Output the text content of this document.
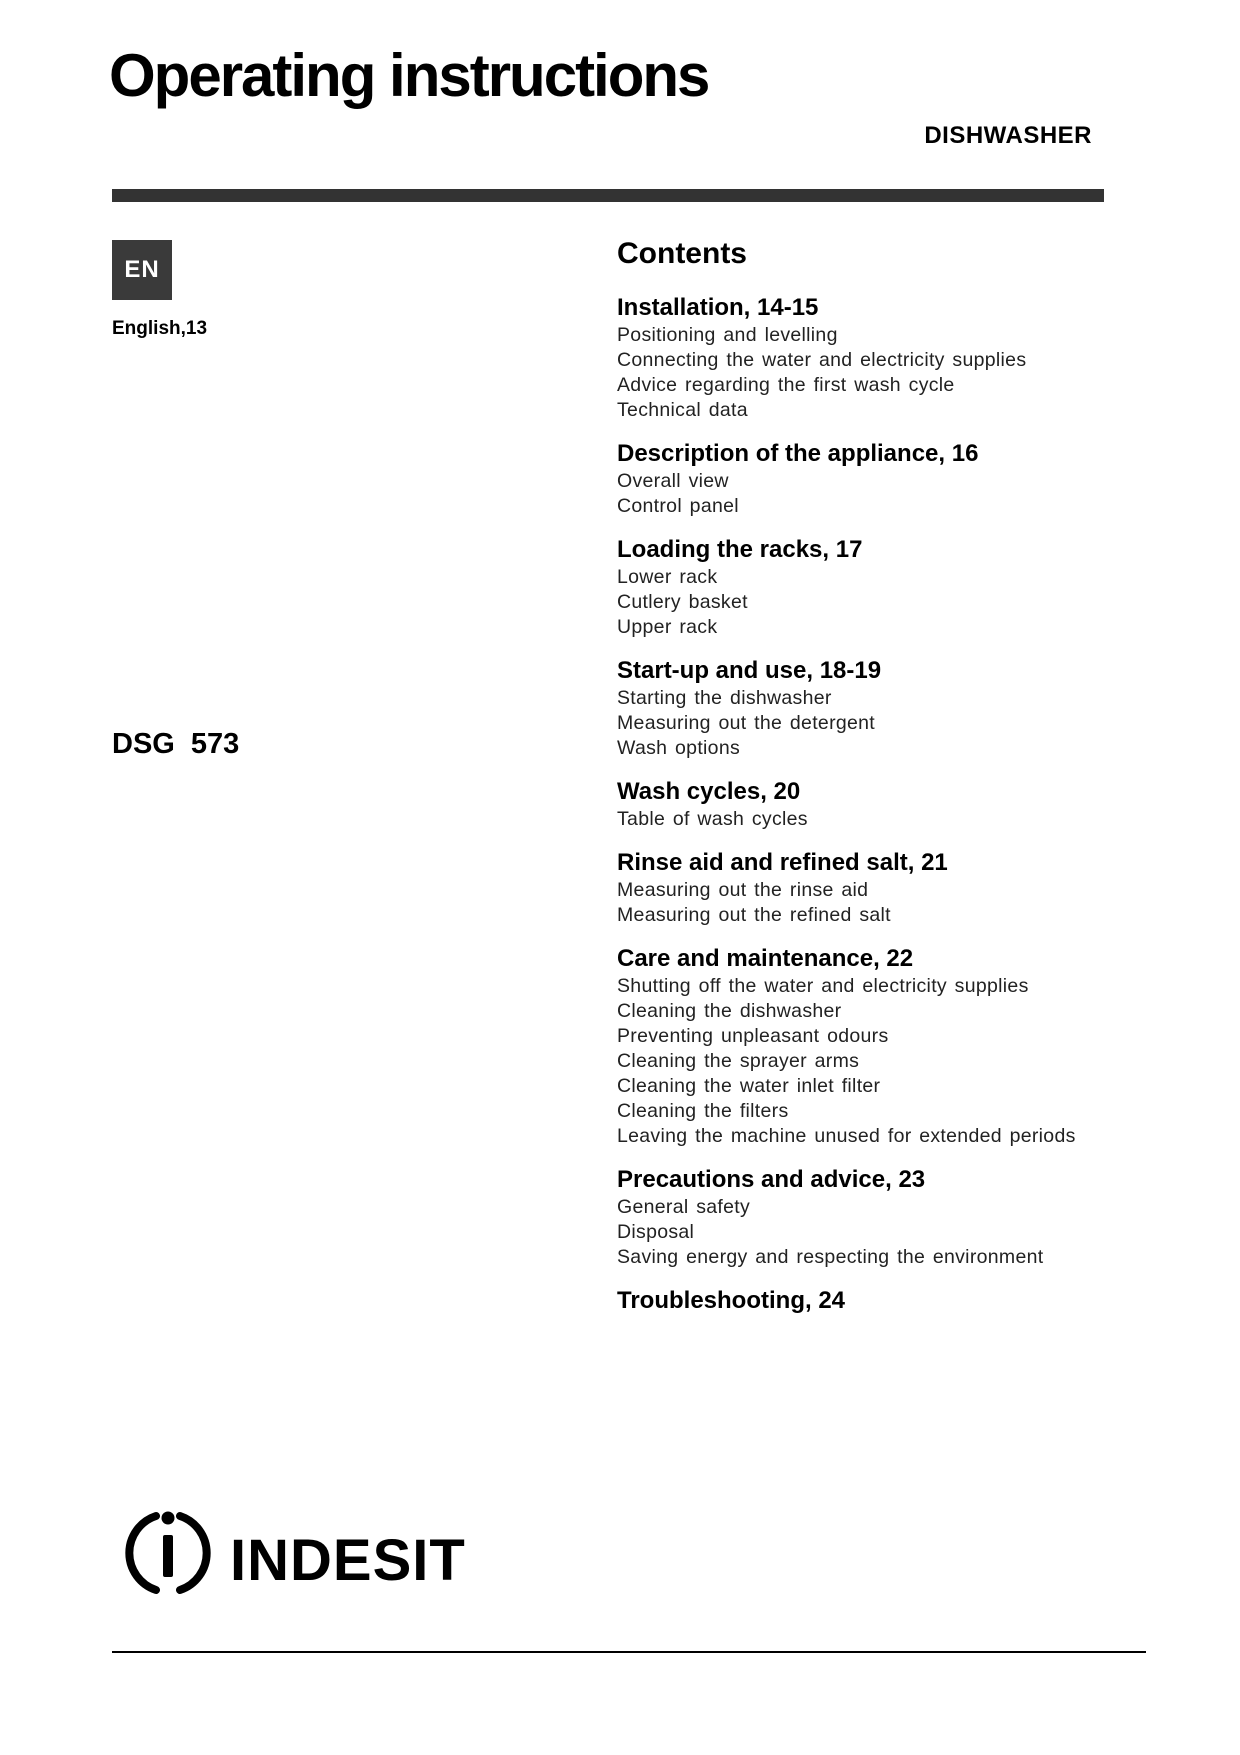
Operating instructions
DISHWASHER
EN
English,13
DSG 573
Contents
Installation, 14-15
Positioning and levelling
Connecting the water and electricity supplies
Advice regarding the first wash cycle
Technical data
Description of the appliance, 16
Overall view
Control panel
Loading the racks, 17
Lower rack
Cutlery basket
Upper rack
Start-up and use, 18-19
Starting the dishwasher
Measuring out the detergent
Wash options
Wash cycles, 20
Table of wash cycles
Rinse aid and refined salt, 21
Measuring out the rinse aid
Measuring out the refined salt
Care and maintenance, 22
Shutting off the water and electricity supplies
Cleaning the dishwasher
Preventing unpleasant odours
Cleaning the sprayer arms
Cleaning the water inlet filter
Cleaning the filters
Leaving the machine unused for extended periods
Precautions and advice, 23
General safety
Disposal
Saving energy and respecting the environment
Troubleshooting, 24
INDESIT
